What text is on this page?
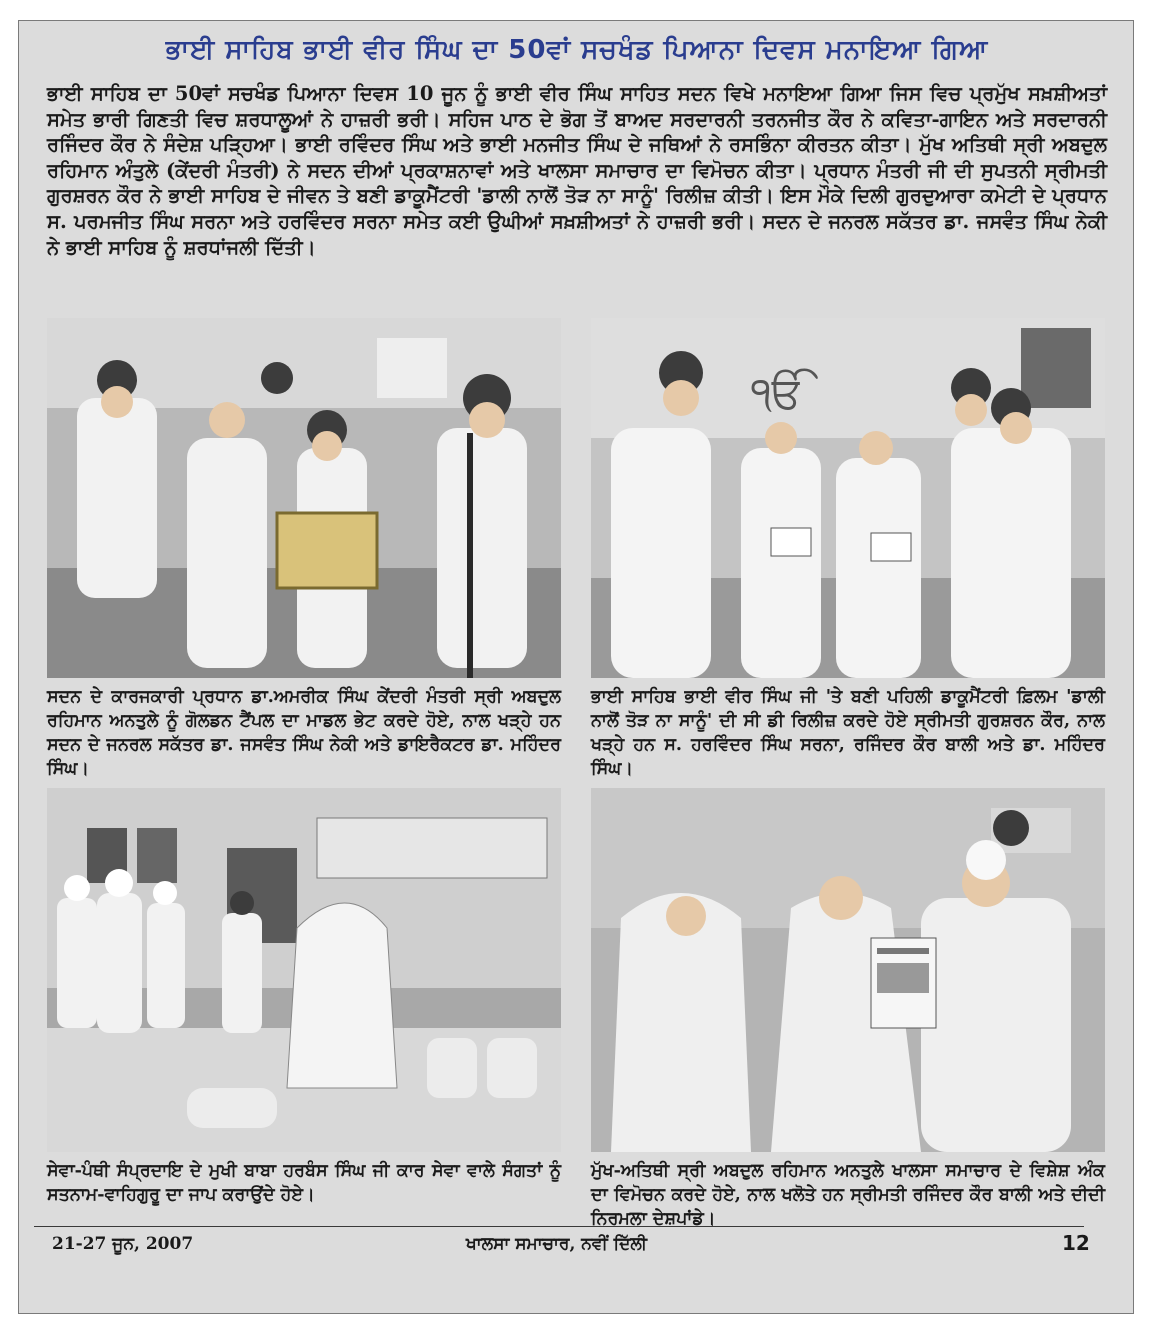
ਭਾਈ ਸਾਹਿਬ ਭਾਈ ਵੀਰ ਸਿੰਘ ਦਾ 50ਵਾਂ ਸਚਖੰਡ ਪਿਆਨਾ ਦਿਵਸ ਮਨਾਇਆ ਗਿਆ
ਭਾਈ ਸਾਹਿਬ ਦਾ 50ਵਾਂ ਸਚਖੰਡ ਪਿਆਨਾ ਦਿਵਸ 10 ਜੂਨ ਨੂੰ ਭਾਈ ਵੀਰ ਸਿੰਘ ਸਾਹਿਤ ਸਦਨ ਵਿਖੇ ਮਨਾਇਆ ਗਿਆ ਜਿਸ ਵਿਚ ਪ੍ਰਮੁੱਖ ਸਖ਼ਸ਼ੀਅਤਾਂ ਸਮੇਤ ਭਾਰੀ ਗਿਣਤੀ ਵਿਚ ਸ਼ਰਧਾਲੂਆਂ ਨੇ ਹਾਜ਼ਰੀ ਭਰੀ। ਸਹਿਜ ਪਾਠ ਦੇ ਭੋਗ ਤੋਂ ਬਾਅਦ ਸਰਦਾਰਨੀ ਤਰਨਜੀਤ ਕੌਰ ਨੇ ਕਵਿਤਾ-ਗਾਇਨ ਅਤੇ ਸਰਦਾਰਨੀ ਰਜਿੰਦਰ ਕੌਰ ਨੇ ਸੰਦੇਸ਼ ਪੜ੍ਹਿਆ। ਭਾਈ ਰਵਿੰਦਰ ਸਿੰਘ ਅਤੇ ਭਾਈ ਮਨਜੀਤ ਸਿੰਘ ਦੇ ਜਥਿਆਂ ਨੇ ਰਸਭਿੰਨਾ ਕੀਰਤਨ ਕੀਤਾ। ਮੁੱਖ ਅਤਿਥੀ ਸ੍ਰੀ ਅਬਦੁਲ ਰਹਿਮਾਨ ਅੰਤੁਲੇ (ਕੇਂਦਰੀ ਮੰਤਰੀ) ਨੇ ਸਦਨ ਦੀਆਂ ਪ੍ਰਕਾਸ਼ਨਾਵਾਂ ਅਤੇ ਖਾਲਸਾ ਸਮਾਚਾਰ ਦਾ ਵਿਮੋਚਨ ਕੀਤਾ। ਪ੍ਰਧਾਨ ਮੰਤਰੀ ਜੀ ਦੀ ਸੁਪਤਨੀ ਸ੍ਰੀਮਤੀ ਗੁਰਸ਼ਰਨ ਕੌਰ ਨੇ ਭਾਈ ਸਾਹਿਬ ਦੇ ਜੀਵਨ ਤੇ ਬਣੀ ਡਾਕੂਮੈਂਟਰੀ 'ਡਾਲੀ ਨਾਲੋਂ ਤੋੜ ਨਾ ਸਾਨੂੰ' ਰਿਲੀਜ਼ ਕੀਤੀ। ਇਸ ਮੌਕੇ ਦਿਲੀ ਗੁਰਦੁਆਰਾ ਕਮੇਟੀ ਦੇ ਪ੍ਰਧਾਨ ਸ. ਪਰਮਜੀਤ ਸਿੰਘ ਸਰਨਾ ਅਤੇ ਹਰਵਿੰਦਰ ਸਰਨਾ ਸਮੇਤ ਕਈ ਉਘੀਆਂ ਸਖ਼ਸ਼ੀਅਤਾਂ ਨੇ ਹਾਜ਼ਰੀ ਭਰੀ। ਸਦਨ ਦੇ ਜਨਰਲ ਸਕੱਤਰ ਡਾ. ਜਸਵੰਤ ਸਿੰਘ ਨੇਕੀ ਨੇ ਭਾਈ ਸਾਹਿਬ ਨੂੰ ਸ਼ਰਧਾਂਜਲੀ ਦਿੱਤੀ।
ਸਦਨ ਦੇ ਕਾਰਜਕਾਰੀ ਪ੍ਰਧਾਨ ਡਾ.ਅਮਰੀਕ ਸਿੰਘ ਕੇਂਦਰੀ ਮੰਤਰੀ ਸ੍ਰੀ ਅਬਦੁਲ ਰਹਿਮਾਨ ਅਨਤੁਲੇ ਨੂੰ ਗੋਲਡਨ ਟੈਂਪਲ ਦਾ ਮਾਡਲ ਭੇਟ ਕਰਦੇ ਹੋਏ, ਨਾਲ ਖੜ੍ਹੇ ਹਨ ਸਦਨ ਦੇ ਜਨਰਲ ਸਕੱਤਰ ਡਾ. ਜਸਵੰਤ ਸਿੰਘ ਨੇਕੀ ਅਤੇ ਡਾਇਰੈਕਟਰ ਡਾ. ਮਹਿੰਦਰ ਸਿੰਘ।
ੴ
ਭਾਈ ਸਾਹਿਬ ਭਾਈ ਵੀਰ ਸਿੰਘ ਜੀ 'ਤੇ ਬਣੀ ਪਹਿਲੀ ਡਾਕੂਮੈਂਟਰੀ ਫ਼ਿਲਮ 'ਡਾਲੀ ਨਾਲੋਂ ਤੋੜ ਨਾ ਸਾਨੂੰ' ਦੀ ਸੀ ਡੀ ਰਿਲੀਜ਼ ਕਰਦੇ ਹੋਏ ਸ੍ਰੀਮਤੀ ਗੁਰਸ਼ਰਨ ਕੌਰ, ਨਾਲ ਖੜ੍ਹੇ ਹਨ ਸ. ਹਰਵਿੰਦਰ ਸਿੰਘ ਸਰਨਾ, ਰਜਿੰਦਰ ਕੌਰ ਬਾਲੀ ਅਤੇ ਡਾ. ਮਹਿੰਦਰ ਸਿੰਘ।
ਸੇਵਾ-ਪੰਥੀ ਸੰਪ੍ਰਦਾਇ ਦੇ ਮੁਖੀ ਬਾਬਾ ਹਰਬੰਸ ਸਿੰਘ ਜੀ ਕਾਰ ਸੇਵਾ ਵਾਲੇ ਸੰਗਤਾਂ ਨੂੰ ਸਤਨਾਮ-ਵਾਹਿਗੁਰੂ ਦਾ ਜਾਪ ਕਰਾਉਂਦੇ ਹੋਏ।
ਮੁੱਖ-ਅਤਿਥੀ ਸ੍ਰੀ ਅਬਦੁਲ ਰਹਿਮਾਨ ਅਨਤੁਲੇ ਖਾਲਸਾ ਸਮਾਚਾਰ ਦੇ ਵਿਸ਼ੇਸ਼ ਅੰਕ ਦਾ ਵਿਮੋਚਨ ਕਰਦੇ ਹੋਏ, ਨਾਲ ਖਲੋਤੇ ਹਨ ਸ੍ਰੀਮਤੀ ਰਜਿੰਦਰ ਕੌਰ ਬਾਲੀ ਅਤੇ ਦੀਦੀ ਨਿਰਮਲਾ ਦੇਸ਼ਪਾਂਡੇ।
21-27 ਜੂਨ, 2007	ਖਾਲਸਾ ਸਮਾਚਾਰ, ਨਵੀਂ ਦਿੱਲੀ	12
